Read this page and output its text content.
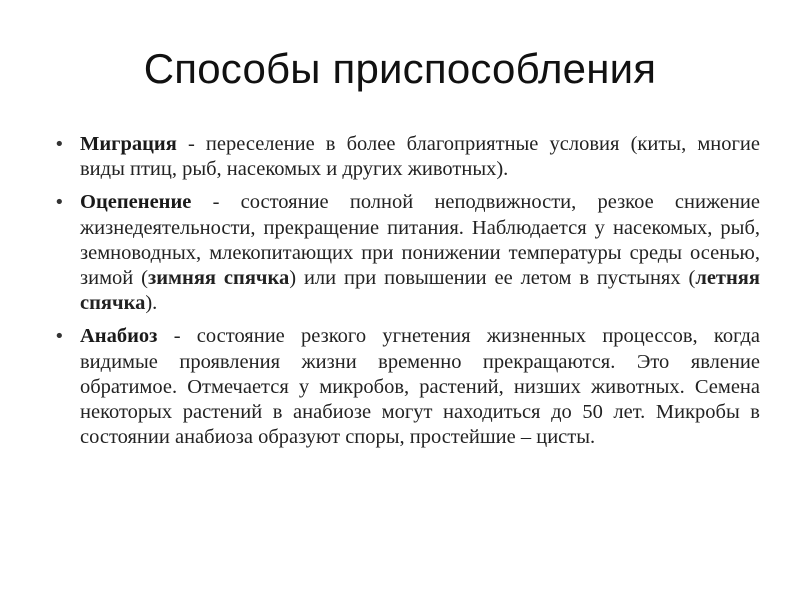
Способы приспособления
• Миграция - переселение в более благоприятные условия (киты, многие виды птиц, рыб, насекомых и других животных).
• Оцепенение - состояние полной неподвижности, резкое снижение жизнедеятельности, прекращение питания. Наблюдается у насекомых, рыб, земноводных, млекопитающих при понижении температуры среды осенью, зимой (зимняя спячка) или при повышении ее летом в пустынях (летняя спячка).
• Анабиоз - состояние резкого угнетения жизненных процессов, когда видимые проявления жизни временно прекращаются. Это явление обратимое. Отмечается у микробов, растений, низших животных. Семена некоторых растений в анабиозе могут находиться до 50 лет. Микробы в состоянии анабиоза образуют споры, простейшие – цисты.
